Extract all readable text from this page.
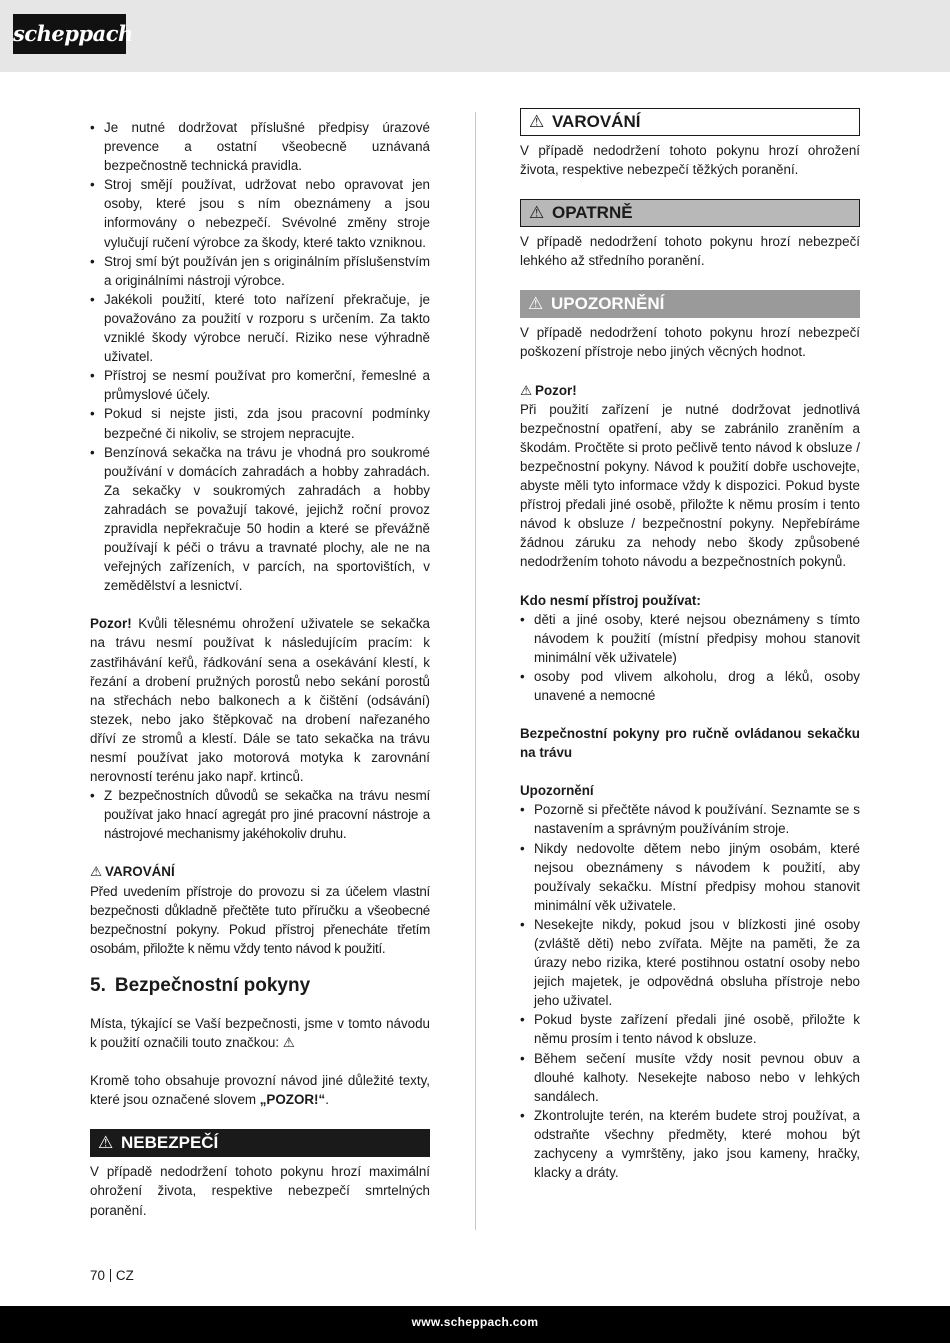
scheppach
• Je nutné dodržovat příslušné předpisy úrazové prevence a ostatní všeobecně uznávaná bezpečnostně technická pravidla.
• Stroj smějí používat, udržovat nebo opravovat jen osoby, které jsou s ním obeznámeny a jsou informovány o nebezpečí. Svévolné změny stroje vylučují ručení výrobce za škody, které takto vzniknou.
• Stroj smí být používán jen s originálním příslušenstvím a originálními nástroji výrobce.
• Jakékoli použití, které toto nařízení překračuje, je považováno za použití v rozporu s určením. Za takto vzniklé škody výrobce neručí. Riziko nese výhradně uživatel.
• Přístroj se nesmí používat pro komerční, řemeslné a průmyslové účely.
• Pokud si nejste jisti, zda jsou pracovní podmínky bezpečné či nikoliv, se strojem nepracujte.
• Benzínová sekačka na trávu je vhodná pro soukromé používání v domácích zahradách a hobby zahradách. Za sekačky v soukromých zahradách a hobby zahradách se považují takové, jejichž roční provoz zpravidla nepřekračuje 50 hodin a které se převážně používají k péči o trávu a travnaté plochy, ale ne na veřejných zařízeních, v parcích, na sportovištích, v zemědělství a lesnictví.

Pozor! Kvůli tělesnému ohrožení uživatele se sekačka na trávu nesmí používat k následujícím pracím: k zastřihávání keřů, řádkování sena a osekávání klestí, k řezání a drobení pružných porostů nebo sekání porostů na střechách nebo balkonech a k čištění (odsávání) stezek, nebo jako štěpkovač na drobení nařezaného dříví ze stromů a klestí. Dále se tato sekačka na trávu nesmí používat jako motorová motyka k zarovnání nerovností terénu jako např. krtinců.

• Z bezpečnostních důvodů se sekačka na trávu nesmí používat jako hnací agregát pro jiné pracovní nástroje a nástrojové mechanismy jakéhokoliv druhu.
⚠ VAROVÁNÍ

Před uvedením přístroje do provozu si za účelem vlastní bezpečnosti důkladně přečtěte tuto příručku a všeobecné bezpečnostní pokyny. Pokud přístroj přenecháte třetím osobám, přiložte k němu vždy tento návod k použití.

5. Bezpečnostní pokyny

Místa, týkající se Vaší bezpečnosti, jsme v tomto návodu k použití označili touto značkou: ⚠

Kromě toho obsahuje provozní návod jiné důležité texty, které jsou označené slovem „POZOR!“.

⚠ NEBEZPEČÍ

V případě nedodržení tohoto pokynu hrozí maximální ohrožení života, respektive nebezpečí smrtelných poranění.

⚠ VAROVÁNÍ

V případě nedodržení tohoto pokynu hrozí ohrožení života, respektive nebezpečí těžkých poranění.

⚠ OPATRNĚ

V případě nedodržení tohoto pokynu hrozí nebezpečí lehkého až středního poranění.

⚠ UPOZORNĚNÍ

V případě nedodržení tohoto pokynu hrozí nebezpečí poškození přístroje nebo jiných věcných hodnot.

⚠ Pozor!

Při použití zařízení je nutné dodržovat jednotlivá bezpečnostní opatření, aby se zabránilo zraněním a škodám. Pročtěte si proto pečlivě tento návod k obsluze / bezpečnostní pokyny. Návod k použití dobře uschovejte, abyste měli tyto informace vždy k dispozici. Pokud byste přístroj předali jiné osobě, přiložte k němu prosím i tento návod k obsluze / bezpečnostní pokyny. Nepřebíráme žádnou záruku za nehody nebo škody způsobené nedodržením tohoto návodu a bezpečnostních pokynů.

Kdo nesmí přístroj používat:
• děti a jiné osoby, které nejsou obeznámeny s tímto návodem k použití (místní předpisy mohou stanovit minimální věk uživatele)
• osoby pod vlivem alkoholu, drog a léků, osoby unavené a nemocné

Bezpečnostní pokyny pro ručně ovládanou sekačku na trávu

Upozornění
• Pozorně si přečtěte návod k používání. Seznamte se s nastavením a správným používáním stroje.
• Nikdy nedovolte dětem nebo jiným osobám, které nejsou obeznámeny s návodem k použití, aby používaly sekačku. Místní předpisy mohou stanovit minimální věk uživatele.
• Nesekejte nikdy, pokud jsou v blízkosti jiné osoby (zvláště děti) nebo zvířata. Mějte na paměti, že za úrazy nebo rizika, které postihnou ostatní osoby nebo jejich majetek, je odpovědná obsluha přístroje nebo jeho uživatel.
• Pokud byste zařízení předali jiné osobě, přiložte k němu prosím i tento návod k obsluze.
• Během sečení musíte vždy nosit pevnou obuv a dlouhé kalhoty. Nesekejte naboso nebo v lehkých sandálech.
• Zkontrolujte terén, na kterém budete stroj používat, a odstraňte všechny předměty, které mohou být zachyceny a vymrštěny, jako jsou kameny, hračky, klacky a dráty.
70 CZ
www.scheppach.com
